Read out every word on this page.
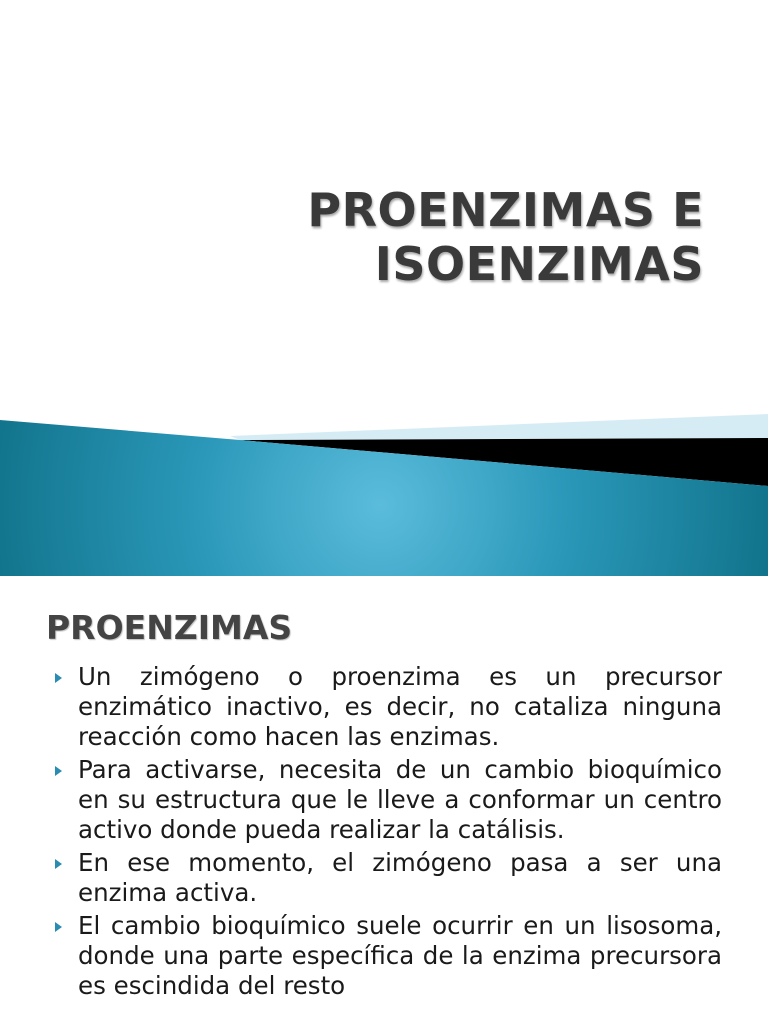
PROENZIMAS E
ISOENZIMAS
PROENZIMAS
Un zimógeno o proenzima es un precursor enzimático inactivo, es decir, no cataliza ninguna reacción como hacen las enzimas.
Para activarse, necesita de un cambio bioquímico en su estructura que le lleve a conformar un centro activo donde pueda realizar la catálisis.
En ese momento, el zimógeno pasa a ser una enzima activa.
El cambio bioquímico suele ocurrir en un lisosoma, donde una parte específica de la enzima precursora es escindida del resto
